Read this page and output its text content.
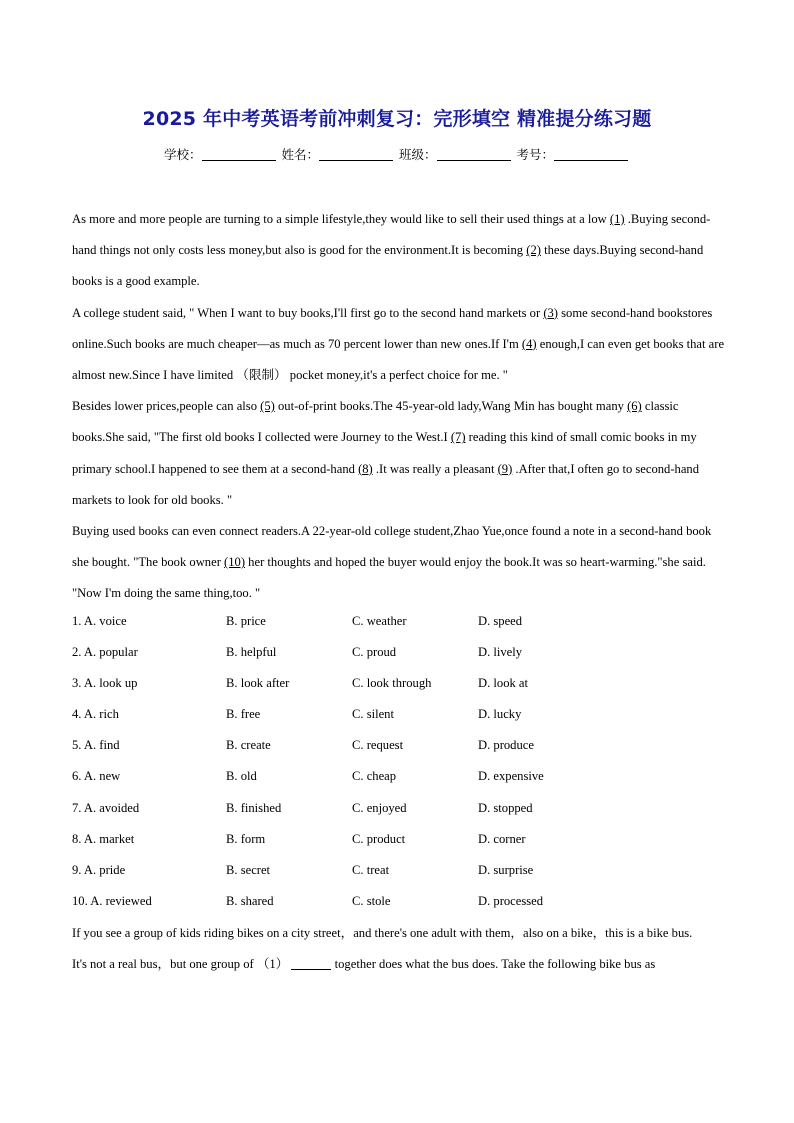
2025 年中考英语考前冲刺复习：完形填空 精准提分练习题
学校：	姓名：	班级：	考号：

As more and more people are turning to a simple lifestyle,they would like to sell their used things at a low (1) .Buying second-hand things not only costs less money,but also is good for the environment.It is becoming (2) these days.Buying second-hand books is a good example.

A college student said, " When I want to buy books,I'll first go to the second hand markets or (3) some second-hand bookstores online.Such books are much cheaper—as much as 70 percent lower than new ones.If I'm (4) enough,I can even get books that are almost new.Since I have limited （限制） pocket money,it's a perfect choice for me. "

Besides lower prices,people can also (5) out-of-print books.The 45-year-old lady,Wang Min has bought many (6) classic books.She said, "The first old books I collected were Journey to the West.I (7) reading this kind of small comic books in my primary school.I happened to see them at a second-hand (8) .It was really a pleasant (9) .After that,I often go to second-hand markets to look for old books. "

Buying used books can even connect readers.A 22-year-old college student,Zhao Yue,once found a note in a second-hand book she bought. "The book owner (10) her thoughts and hoped the buyer would enjoy the book.It was so heart-warming."she said. "Now I'm doing the same thing,too. "

1. A. voice	B. price	C. weather	D. speed
2. A. popular	B. helpful	C. proud	D. lively
3. A. look up	B. look after	C. look through	D. look at
4. A. rich	B. free	C. silent	D. lucky
5. A. find	B. create	C. request	D. produce
6. A. new	B. old	C. cheap	D. expensive
7. A. avoided	B. finished	C. enjoyed	D. stopped
8. A. market	B. form	C. product	D. corner
9. A. pride	B. secret	C. treat	D. surprise
10. A. reviewed	B. shared	C. stole	D. processed

If you see a group of kids riding bikes on a city street，and there's one adult with them，also on a bike，this is a bike bus.

It's not a real bus，but one group of （1）	together does what the bus does. Take the following bike bus as
